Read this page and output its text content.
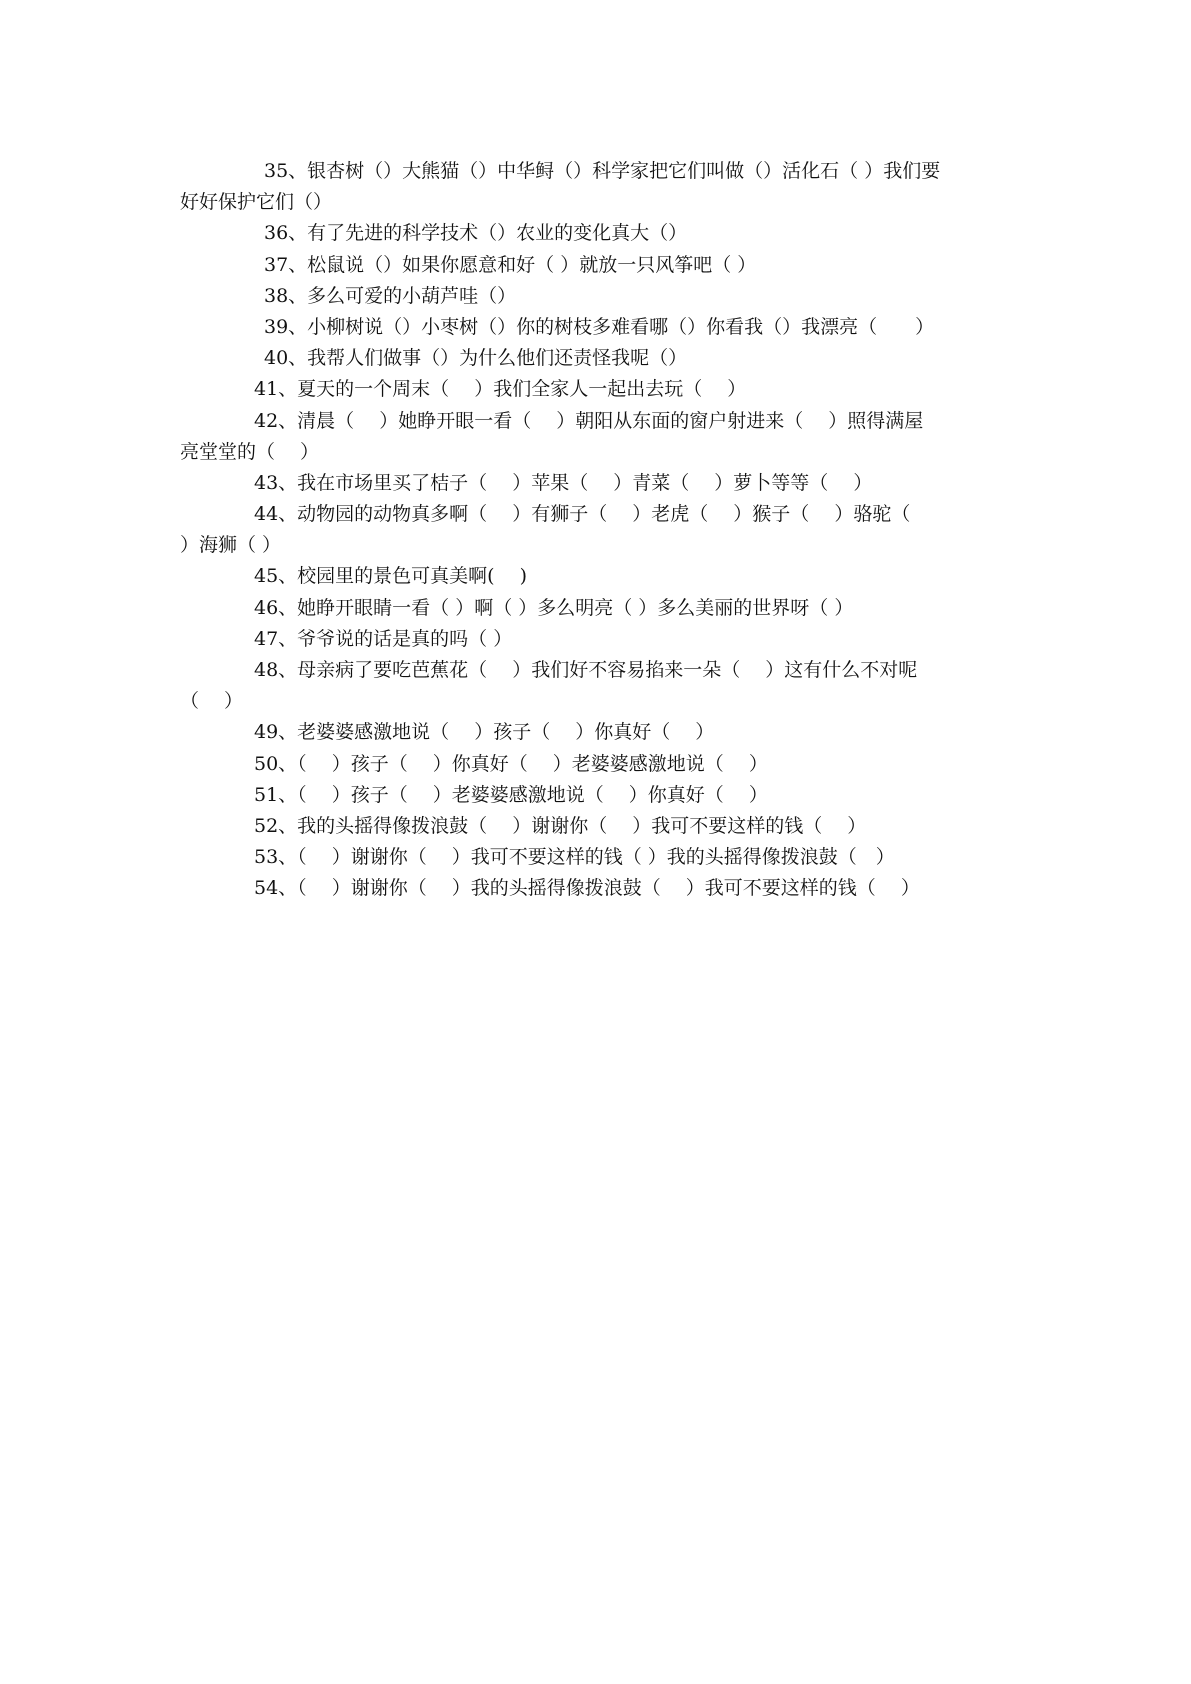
35、银杏树（）大熊猫（）中华鲟（）科学家把它们叫做（）活化石（ ）我们要
好好保护它们（）
36、有了先进的科学技术（）农业的变化真大（）
37、松鼠说（）如果你愿意和好（ ）就放一只风筝吧（ ）
38、多么可爱的小葫芦哇（）
39、小柳树说（）小枣树（）你的树枝多难看哪（）你看我（）我漂亮（　　）
40、我帮人们做事（）为什么他们还责怪我呢（）
41、夏天的一个周末（　 ）我们全家人一起出去玩（　 ）
42、清晨（　 ）她睁开眼一看（　 ）朝阳从东面的窗户射进来（　 ）照得满屋
亮堂堂的（　 ）
43、我在市场里买了桔子（　 ）苹果（　 ）青菜（　 ）萝卜等等（　 ）
44、动物园的动物真多啊（　 ）有狮子（　 ）老虎（　 ）猴子（　 ）骆驼（
）海狮（ ）
45、校园里的景色可真美啊(　 )
46、她睁开眼睛一看（ ）啊（ ）多么明亮（ ）多么美丽的世界呀（ ）
47、爷爷说的话是真的吗（ ）
48、母亲病了要吃芭蕉花（　 ）我们好不容易掐来一朵（　 ）这有什么不对呢
（　 ）
49、老婆婆感激地说（　 ）孩子（　 ）你真好（　 ）
50、（　 ）孩子（　 ）你真好（　 ）老婆婆感激地说（　 ）
51、（　 ）孩子（　 ）老婆婆感激地说（　 ）你真好（　 ）
52、我的头摇得像拨浪鼓（　 ）谢谢你（　 ）我可不要这样的钱（　 ）
53、（　 ）谢谢你（　 ）我可不要这样的钱（ ）我的头摇得像拨浪鼓（　）
54、（　 ）谢谢你（　 ）我的头摇得像拨浪鼓（　 ）我可不要这样的钱（　 ）
